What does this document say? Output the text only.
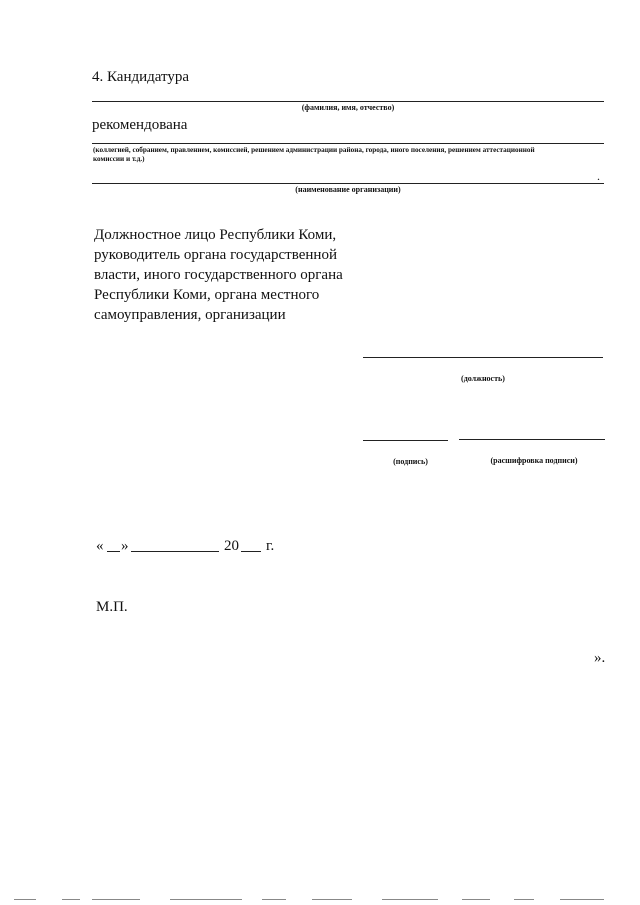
4. Кандидатура
(фамилия, имя, отчество)
рекомендована
(коллегией, собранием, правлением, комиссией, решением администрации района, города, иного поселения, решением аттестационной
комиссии и т.д.)
.
(наименование организации)
Должностное лицо Республики Коми,
руководитель органа государственной
власти, иного государственного органа
Республики Коми, органа местного
самоуправления, организации
(должность)
(подпись)	(расшифровка подписи)
« »	20 г.
М.П.
».
